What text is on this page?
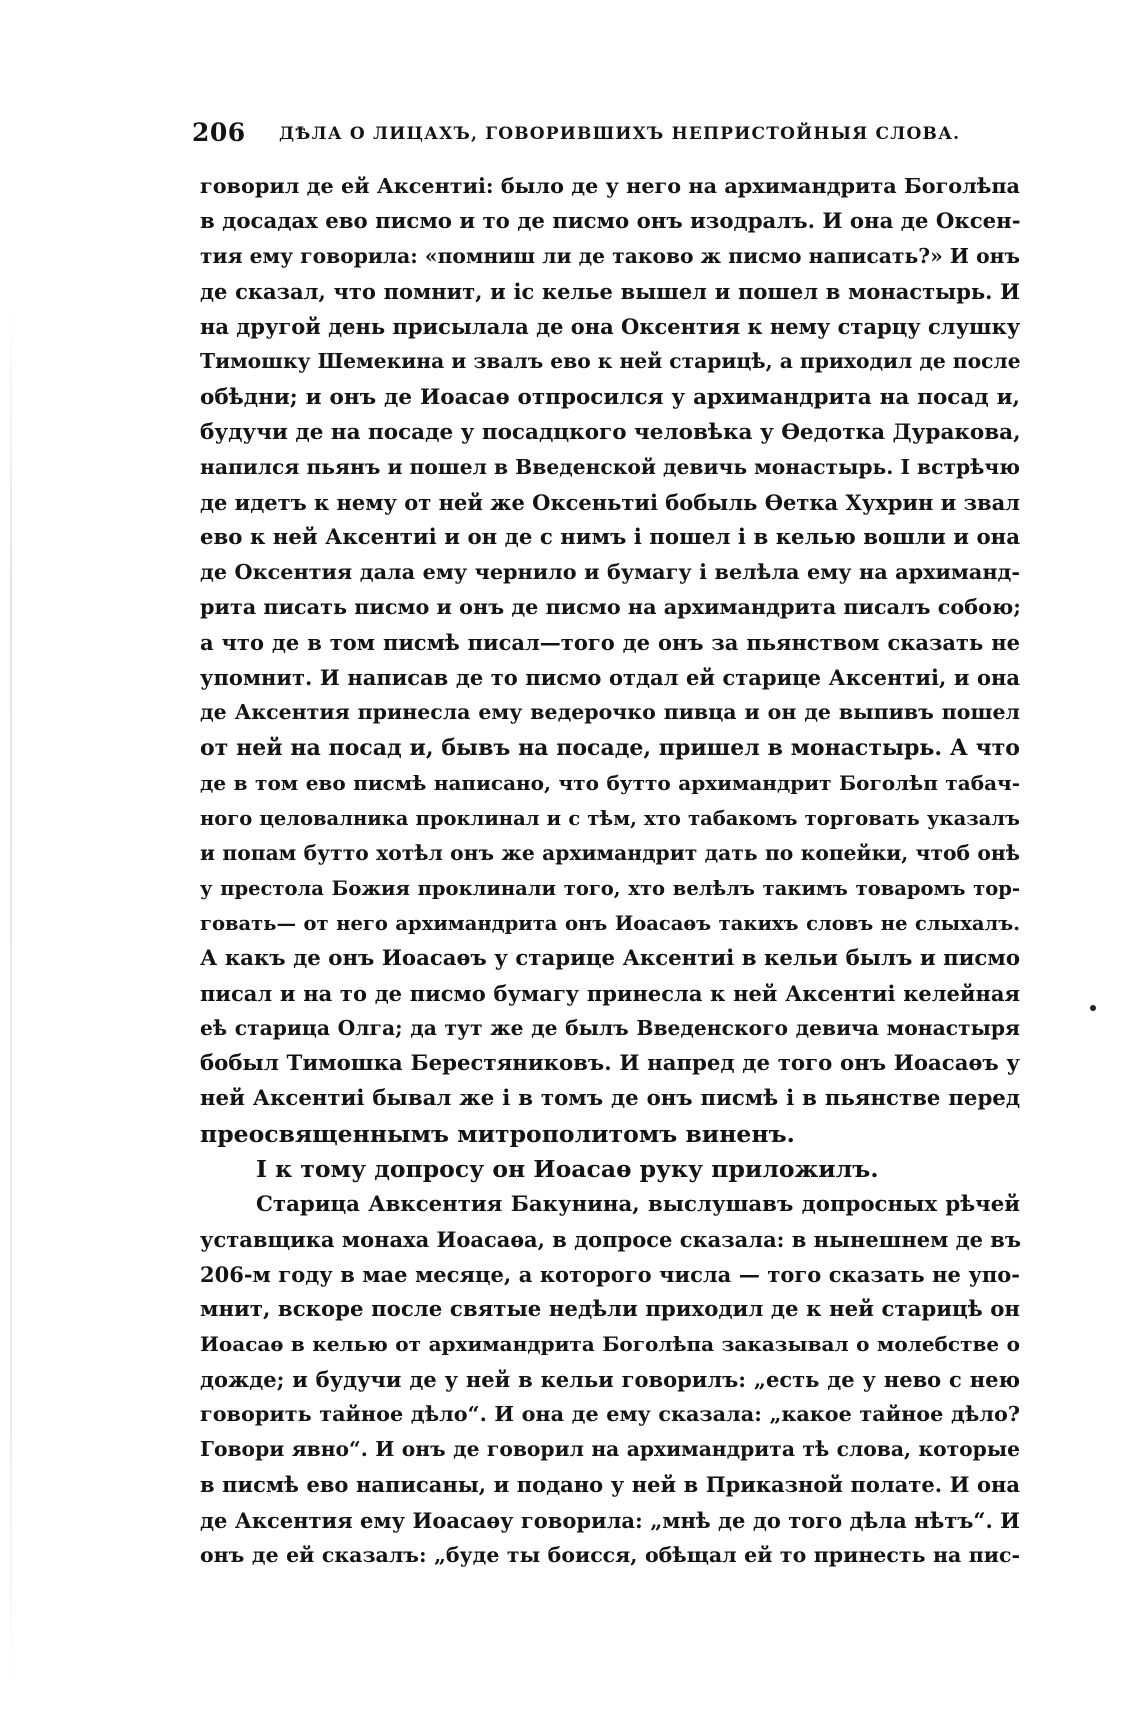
206 ДѢЛА О ЛИЦАХЪ, ГОВОРИВШИХЪ НЕПРИСТОЙНЫЯ СЛОВА.
говорил де ей Аксентиі: было де у него на архимандрита Боголѣпа
в досадах ево писмо и то де писмо онъ изодралъ. И она де Оксен-
тия ему говорила: «помниш ли де таково ж писмо написать?» И онъ
де сказал, что помнит, и іс келье вышел и пошел в монастырь. И
на другой день присылала де она Оксентия к нему старцу слушку
Тимошку Шемекина и звалъ ево к ней старицѣ, а приходил де после
обѣдни; и онъ де Иоасаѳ отпросился у архимандрита на посад и,
будучи де на посаде у посадцкого человѣка у Ѳедотка Дуракова,
напился пьянъ и пошел в Введенской девичь монастырь. І встрѣчю
де идетъ к нему от ней же Оксеньтиі бобыль Ѳетка Хухрин и звал
ево к ней Аксентиі и он де с нимъ і пошел і в келью вошли и она
де Оксентия дала ему чернило и бумагу і велѣла ему на архиманд-
рита писать писмо и онъ де писмо на архимандрита писалъ собою;
а что де в том писмѣ писал—того де онъ за пьянством сказать не
упомнит. И написав де то писмо отдал ей старице Аксентиі, и она
де Аксентия принесла ему ведерочко пивца и он де выпивъ пошел
от ней на посад и, бывъ на посаде, пришел в монастырь. А что
де в том ево писмѣ написано, что бутто архимандрит Боголѣп табач-
ного целовалника проклинал и с тѣм, хто табакомъ торговать указалъ
и попам бутто хотѣл онъ же архимандрит дать по копейки, чтоб онѣ
у престола Божия проклинали того, хто велѣлъ такимъ товаромъ тор-
говать— от него архимандрита онъ Иоасаѳъ такихъ словъ не слыхалъ.
А какъ де онъ Иоасаѳъ у старице Аксентиі в кельи былъ и писмо
писал и на то де писмо бумагу принесла к ней Аксентиі келейная
еѣ старица Олга; да тут же де былъ Введенского девича монастыря
бобыл Тимошка Берестяниковъ. И напред де того онъ Иоасаѳъ у
ней Аксентиі бывал же і в томъ де онъ писмѣ і в пьянстве перед
преосвященнымъ митрополитомъ виненъ.
І к тому допросу он Иоасаѳ руку приложилъ.
Старица Авксентия Бакунина, выслушавъ допросных рѣчей
уставщика монаха Иоасаѳа, в допросе сказала: в нынешнем де въ
206-м году в мае месяце, а которого числа — того сказать не упо-
мнит, вскоре после святые недѣли приходил де к ней старицѣ он
Иоасаѳ в келью от архимандрита Боголѣпа заказывал о молебстве о
дожде; и будучи де у ней в кельи говорилъ: „есть де у нево с нею
говорить тайное дѣло“. И она де ему сказала: „какое тайное дѣло?
Говори явно“. И онъ де говорил на архимандрита тѣ слова, которые
в писмѣ ево написаны, и подано у ней в Приказной полате. И она
де Аксентия ему Иоасаѳу говорила: „мнѣ де до того дѣла нѣтъ“. И
онъ де ей сказалъ: „буде ты боисся, обѣщал ей то принесть на пис-
